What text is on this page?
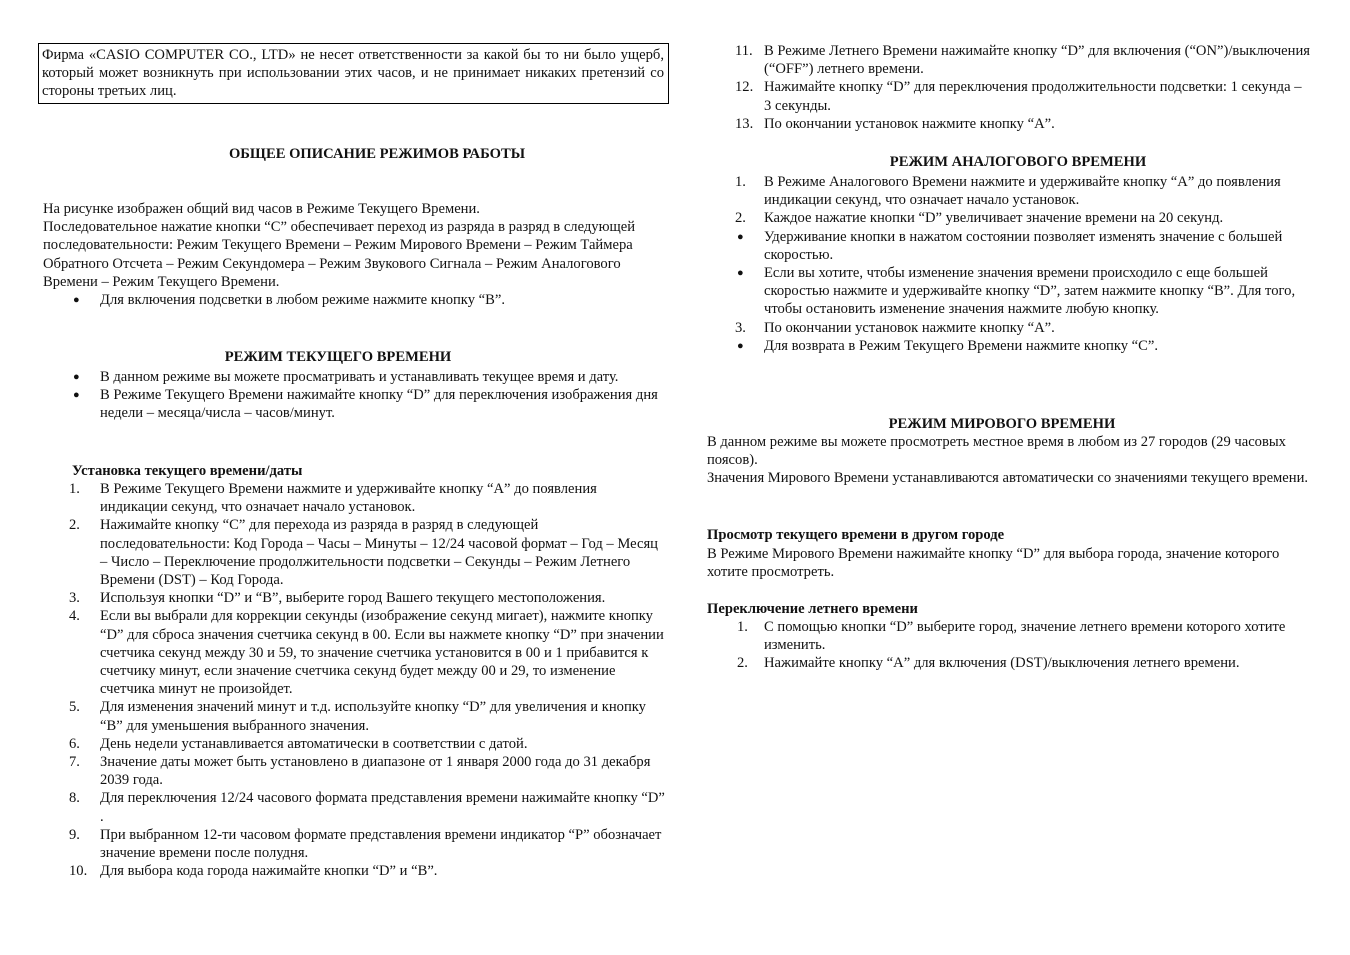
Фирма «CASIO COMPUTER CO., LTD» не несет ответственности за какой бы то ни было ущерб, который может возникнуть при использовании этих часов, и не принимает никаких претензий со стороны третьих лиц.
ОБЩЕЕ ОПИСАНИЕ РЕЖИМОВ РАБОТЫ

На рисунке изображен общий вид часов в Режиме Текущего Времени.

Последовательное нажатие кнопки “C” обеспечивает переход из разряда в разряд в следующей последовательности: Режим Текущего Времени – Режим Мирового Времени – Режим Таймера Обратного Отсчета – Режим Секундомера – Режим Звукового Сигнала – Режим Аналогового Времени – Режим Текущего Времени.

● Для включения подсветки в любом режиме нажмите кнопку “B”.
РЕЖИМ ТЕКУЩЕГО ВРЕМЕНИ
● В данном режиме вы можете просматривать и устанавливать текущее время и дату.
● В Режиме Текущего Времени нажимайте кнопку “D” для переключения изображения дня недели – месяца/числа – часов/минут.
Установка текущего времени/даты
1. В Режиме Текущего Времени нажмите и удерживайте кнопку “A” до появления индикации секунд, что означает начало установок.
2. Нажимайте кнопку “C” для перехода из разряда в разряд в следующей последовательности: Код Города – Часы – Минуты – 12/24 часовой формат – Год – Месяц – Число – Переключение продолжительности подсветки – Секунды – Режим Летнего Времени (DST) – Код Города.
3. Используя кнопки “D” и “B”, выберите город Вашего текущего местоположения.
4. Если вы выбрали для коррекции секунды (изображение секунд мигает), нажмите кнопку “D” для сброса значения счетчика секунд в 00. Если вы нажмете кнопку “D” при значении счетчика секунд между 30 и 59, то значение счетчика установится в 00 и 1 прибавится к счетчику минут, если значение счетчика секунд будет между 00 и 29, то изменение счетчика минут не произойдет.
5. Для изменения значений минут и т.д. используйте кнопку “D” для увеличения и кнопку “B” для уменьшения выбранного значения.
6. День недели устанавливается автоматически в соответствии с датой.
7. Значение даты может быть установлено в диапазоне от 1 января 2000 года до 31 декабря 2039 года.
8. Для переключения 12/24 часового формата представления времени нажимайте кнопку “D” .
9. При выбранном 12-ти часовом формате представления времени индикатор “P” обозначает значение времени после полудня.
10. Для выбора кода города нажимайте кнопки “D” и “B”.
11. В Режиме Летнего Времени нажимайте кнопку “D” для включения (“ON”)/выключения (“OFF”) летнего времени.
12. Нажимайте кнопку “D” для переключения продолжительности подсветки: 1 секунда – 3 секунды.
13. По окончании установок нажмите кнопку “A”.
РЕЖИМ АНАЛОГОВОГО ВРЕМЕНИ
1. В Режиме Аналогового Времени нажмите и удерживайте кнопку “A” до появления индикации секунд, что означает начало установок.
2. Каждое нажатие кнопки “D” увеличивает значение времени на 20 секунд.
● Удерживание кнопки в нажатом состоянии позволяет изменять значение с большей скоростью.
● Если вы хотите, чтобы изменение значения времени происходило с еще большей скоростью нажмите и удерживайте кнопку “D”, затем нажмите кнопку “B”. Для того, чтобы остановить изменение значения нажмите любую кнопку.
3. По окончании установок нажмите кнопку “A”.
● Для возврата в Режим Текущего Времени нажмите кнопку “C”.
РЕЖИМ МИРОВОГО ВРЕМЕНИ

В данном режиме вы можете просмотреть местное время в любом из 27 городов (29 часовых поясов).

Значения Мирового Времени устанавливаются автоматически со значениями текущего времени.

Просмотр текущего времени в другом городе
В Режиме Мирового Времени нажимайте кнопку “D” для выбора города, значение которого хотите просмотреть.
Переключение летнего времени
1. С помощью кнопки “D” выберите город, значение летнего времени которого хотите изменить.
2. Нажимайте кнопку “A” для включения (DST)/выключения летнего времени.
